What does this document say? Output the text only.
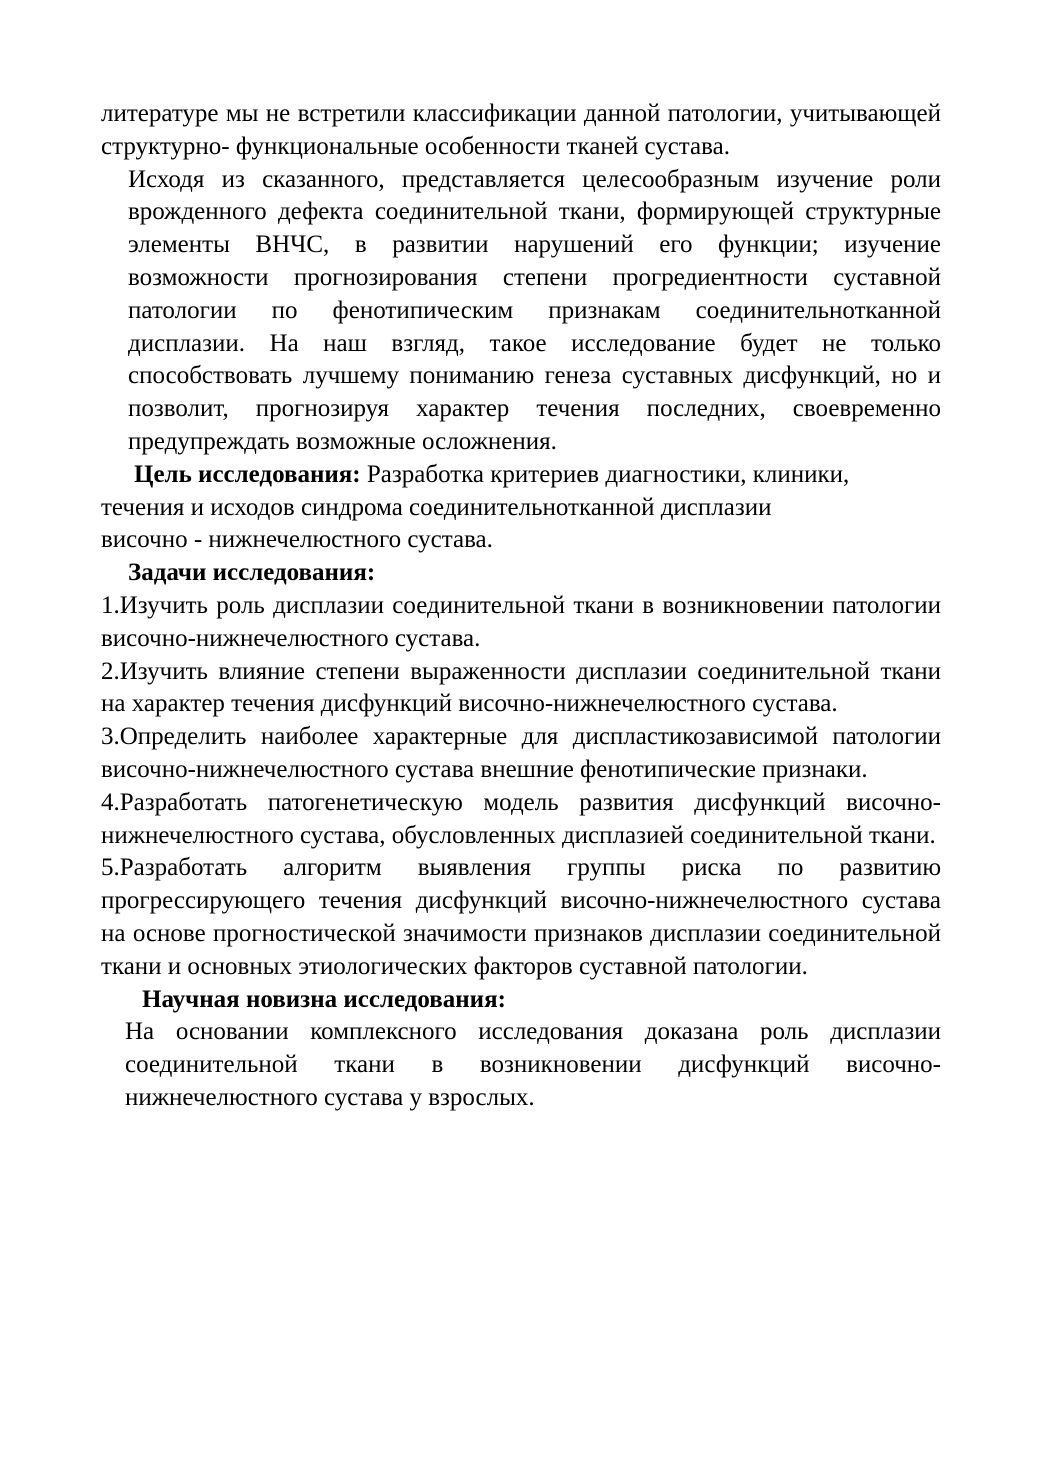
литературе мы не встретили классификации данной патологии, учитывающей структурно- функциональные особенности тканей сустава.

Исходя из сказанного, представляется целесообразным изучение роли врожденного дефекта соединительной ткани, формирующей структурные элементы ВНЧС, в развитии нарушений его функции; изучение возможности прогнозирования степени прогредиентности суставной патологии по фенотипическим признакам соединительнотканной дисплазии. На наш взгляд, такое исследование будет не только способствовать лучшему пониманию генеза суставных дисфункций, но и позволит, прогнозируя характер течения последних, своевременно предупреждать возможные осложнения.

Цель исследования: Разработка критериев диагностики, клиники,

течения и исходов синдрома соединительнотканной дисплазии

височно - нижнечелюстного сустава.

Задачи исследования:

1.Изучить роль дисплазии соединительной ткани в возникновении патологии височно-нижнечелюстного сустава.

2.Изучить влияние степени выраженности дисплазии соединительной ткани на характер течения дисфункций височно-нижнечелюстного сустава.

3.Определить наиболее характерные для диспластикозависимой патологии височно-нижнечелюстного сустава внешние фенотипические признаки.

4.Разработать патогенетическую модель развития дисфункций височно-нижнечелюстного сустава, обусловленных дисплазией соединительной ткани.

5.Разработать алгоритм выявления группы риска по развитию прогрессирующего течения дисфункций височно-нижнечелюстного сустава на основе прогностической значимости признаков дисплазии соединительной ткани и основных этиологических факторов суставной патологии.

Научная новизна исследования:

На основании комплексного исследования доказана роль дисплазии соединительной ткани в возникновении дисфункций височно-нижнечелюстного сустава у взрослых.
